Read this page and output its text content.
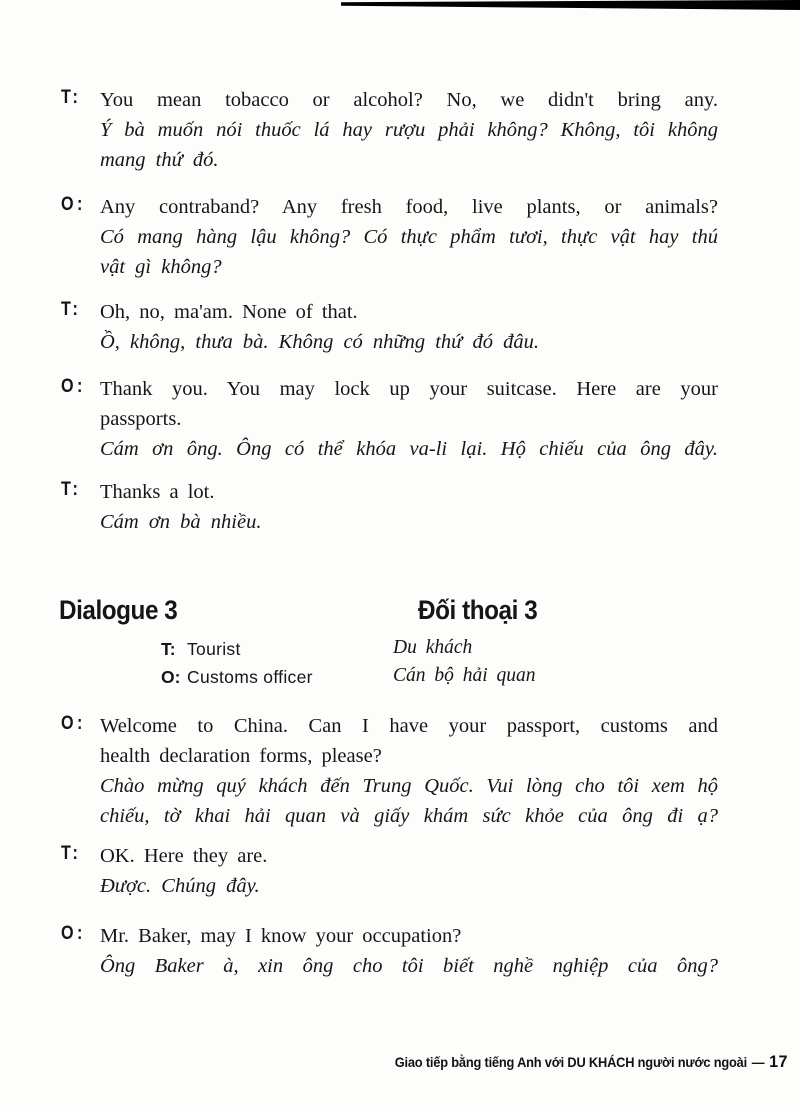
T: You mean tobacco or alcohol? No, we didn't bring any.
Ý bà muốn nói thuốc lá hay rượu phải không? Không, tôi không
mang thứ đó.
O: Any contraband? Any fresh food, live plants, or animals?
Có mang hàng lậu không? Có thực phẩm tươi, thực vật hay thú
vật gì không?
T: Oh, no, ma'am. None of that.
Ồ, không, thưa bà. Không có những thứ đó đâu.
O: Thank you. You may lock up your suitcase. Here are your
passports.
Cám ơn ông. Ông có thể khóa va-li lại. Hộ chiếu của ông đây.
T: Thanks a lot.
Cám ơn bà nhiều.
Dialogue 3	Đối thoại 3
T: Tourist	Du khách
O: Customs officer	Cán bộ hải quan
O: Welcome to China. Can I have your passport, customs and
health declaration forms, please?
Chào mừng quý khách đến Trung Quốc. Vui lòng cho tôi xem hộ
chiếu, tờ khai hải quan và giấy khám sức khỏe của ông đi ạ?
T: OK. Here they are.
Được. Chúng đây.
O: Mr. Baker, may I know your occupation?
Ông Baker à, xin ông cho tôi biết nghề nghiệp của ông?
Giao tiếp bằng tiếng Anh với DU KHÁCH người nước ngoài — 17
